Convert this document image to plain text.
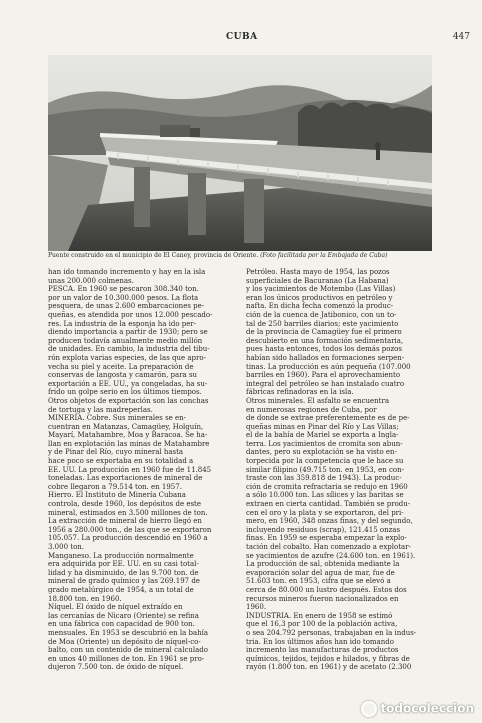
CUBA	447
Puente construido en el municipio de El Caney, provincia de Oriente. (Foto facilitada por la Embajada de Cuba)

han ido tomando incremento y hay en la isla
unas 200.000 colmenas.
PESCA. En 1960 se pescaron 308.340 ton.
por un valor de 10.300.000 pesos. La flota
pesquera, de unas 2.600 embarcaciones pe-
queñas, es atendida por unos 12.000 pescado-
res. La industria de la esponja ha ido per-
diendo importancia a partir de 1930; pero se
producen todavía anualmente medio millón
de unidades. En cambio, la industria del tibu-
rón explota varias especies, de las que apro-
vecha su piel y aceite. La preparación de
conservas de langosta y camarón, para su
exportación a EE. UU., ya congeladas, ha su-
frido un golpe serio en los últimos tiempos.
Otros objetos de exportación son las conchas
de tortuga y las madreperlas.
MINERÍA. Cobre. Sus minerales se en-
cuentran en Matanzas, Camagüey, Holguín,
Mayarí, Matahambre, Moa y Baracoa. Se ha-
llan en explotación las minas de Matahambre
y de Pinar del Río, cuyo mineral hasta
hace poco se exportaba en su totalidad a
EE. UU. La producción en 1960 fue de 11.845
toneladas. Las exportaciones de mineral de
cobre llegaron a 79.514 ton. en 1957.
Hierro. El Instituto de Minería Cubana
controla, desde 1960, los depósitos de este
mineral, estimados en 3.500 millones de ton.
La extracción de mineral de hierro llegó en
1956 a 280.000 ton., de las que se exportaron
105.057. La producción descendió en 1960 a
3.000 ton.
Manganeso. La producción normalmente
era adquirida por EE. UU. en su casi total-
lidad y ha disminuido, de las 9.700 ton. de
mineral de grado químico y las 269.197 de
grado metalúrgico de 1954, a un total de
18.800 ton. en 1960.
Níquel. El óxido de níquel extraído en
las cercanías de Nicaro (Oriente) se refina
en una fábrica con capacidad de 900 ton.
mensuales. En 1953 se descubrió en la bahía
de Moa (Oriente) un depósito de níquel-co-
balto, con un contenido de mineral calculado
en unos 40 millones de ton. En 1961 se pro-
dujeron 7.500 ton. de óxido de níquel.

Petróleo. Hasta mayo de 1954, las pozos
superficiales de Bacuranao (La Habana)
y los yacimientos de Motembo (Las Villas)
eran los únicos productivos en petróleo y
nafta. En dicha fecha comenzó la produc-
ción de la cuenca de Jatibonico, con un to-
tal de 250 barriles diarios; este yacimiento
de la provincia de Camagüey fue el primero
descubierto en una formación sedimentaria,
pues hasta entonces, todos los demás pozos
habían sido hallados en formaciones serpen-
tinas. La producción es aún pequeña (107.000
barriles en 1960). Para el aprovechamiento
integral del petróleo se han instalado cuatro
fábricas refinadoras en la isla.
Otros minerales. El asfalto se encuentra
en numerosas regiones de Cuba, por
de donde se extrae preferentemente es de pe-
queñas minas en Pinar del Río y Las Villas;
el de la bahía de Mariel se exporta a Ingla-
terra. Los yacimientos de cromita son abun-
dantes, pero su explotación se ha visto en-
torpecida por la competencia que le hace su
similar filipino (49.715 ton. en 1953, en con-
traste con las 359.818 de 1943). La produc-
ción de cromita refractaria se redujo en 1960
a sólo 10.000 ton. Las sílices y las baritas se
extraen en cierta cantidad. También se produ-
cen el oro y la plata y se exportaron, del pri-
mero, en 1960, 348 onzas finas, y del segundo,
incluyendo residuos (scrap), 121.415 onzas
finas. En 1959 se esperaba empezar la explo-
tación del cobalto. Han comenzado a explotar-
se yacimientos de azufre (24.600 ton. en 1961).
La producción de sal, obtenida mediante la
evaporación solar del agua de mar, fue de
51.603 ton. en 1953, cifra que se elevó a
cerca de 80.000 un lustro después. Estos dos
recursos mineros fueron nacionalizados en
1960.
INDUSTRIA. En enero de 1958 se estimó
que el 16,3 por 100 de la población activa,
o sea 204.792 personas, trabajaban en la indus-
tria. En los últimos años han ido tomando
incremento las manufacturas de productos
químicos, tejidos, tejidos e hilados, y fibras de
rayón (1.800 ton. en 1961) y de acetato (2.300

todocoleccion
